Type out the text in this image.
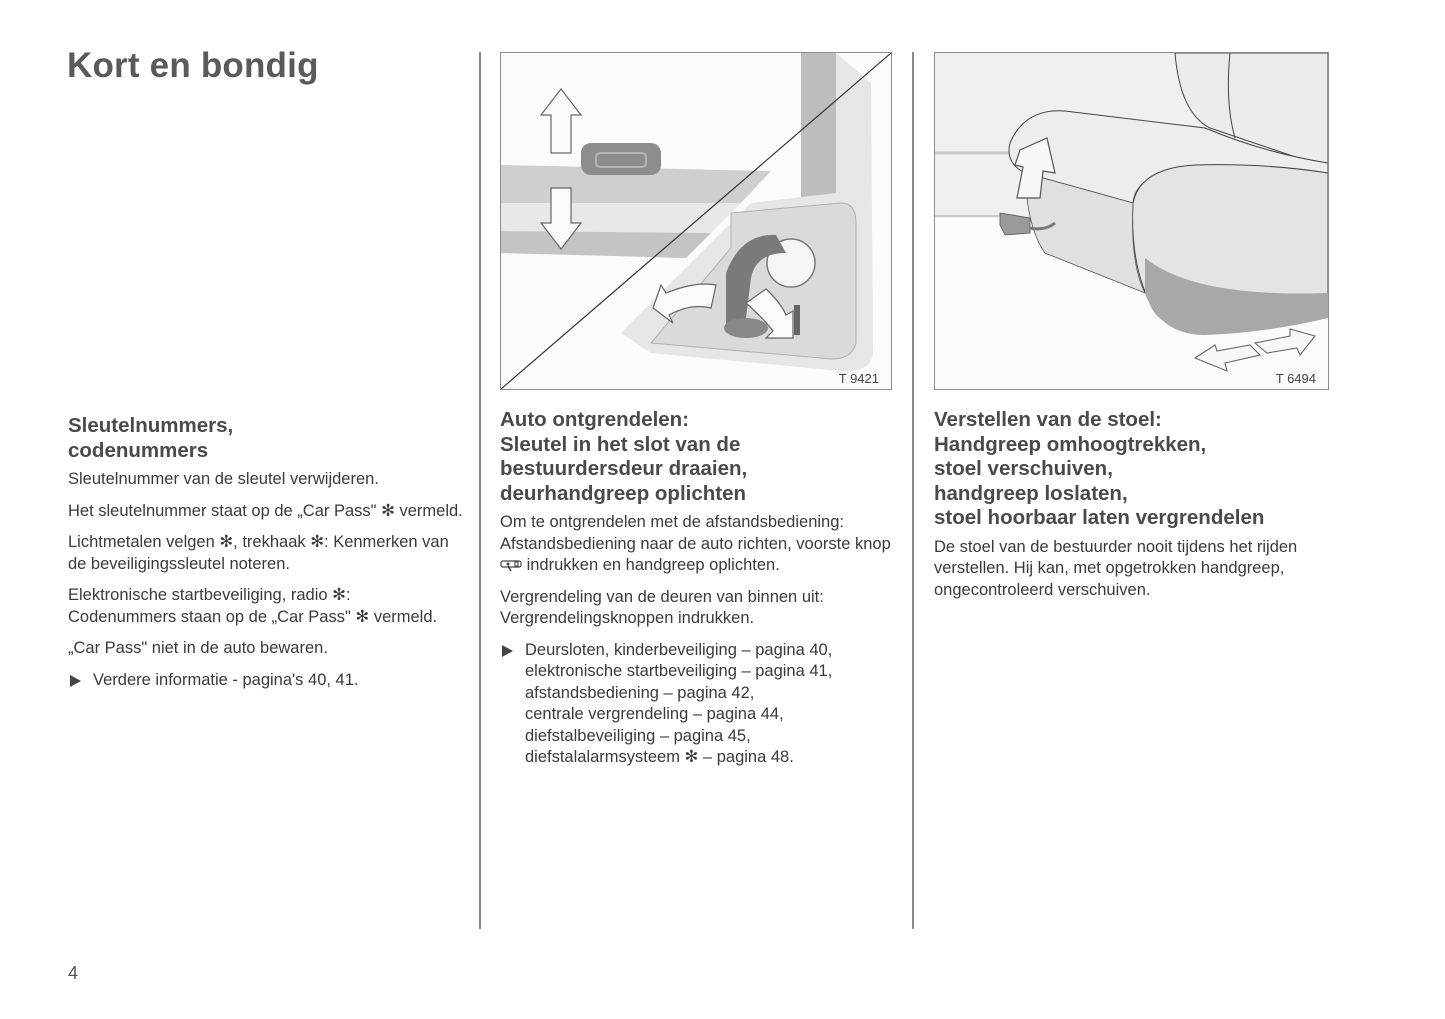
Kort en bondig
T 9421	T 6494
Sleutelnummers,
codenummers

Sleutelnummer van de sleutel verwijderen.

Het sleutelnummer staat op de „Car Pass" ✻ vermeld.

Lichtmetalen velgen ✻, trekhaak ✻: Kenmerken van de beveiligingssleutel noteren.

Elektronische startbeveiliging, radio ✻: Codenummers staan op de „Car Pass" ✻ vermeld.

„Car Pass" niet in de auto bewaren.

Verdere informatie - pagina's 40, 41.
Auto ontgrendelen:
Sleutel in het slot van de
bestuurdersdeur draaien,
deurhandgreep oplichten

Om te ontgrendelen met de afstandsbediening: Afstandsbediening naar de auto richten, voorste knop  indrukken en handgreep oplichten.

Vergrendeling van de deuren van binnen uit: Vergrendelingsknoppen indrukken.

Deursloten, kinderbeveiliging – pagina 40,
elektronische startbeveiliging – pagina 41,
afstandsbediening – pagina 42,
centrale vergrendeling – pagina 44,
diefstalbeveiliging – pagina 45,
diefstalalarmsysteem ✻ – pagina 48.
Verstellen van de stoel:
Handgreep omhoogtrekken,
stoel verschuiven,
handgreep loslaten,
stoel hoorbaar laten vergrendelen

De stoel van de bestuurder nooit tijdens het rijden verstellen. Hij kan, met opgetrokken handgreep, ongecontroleerd verschuiven.

4
